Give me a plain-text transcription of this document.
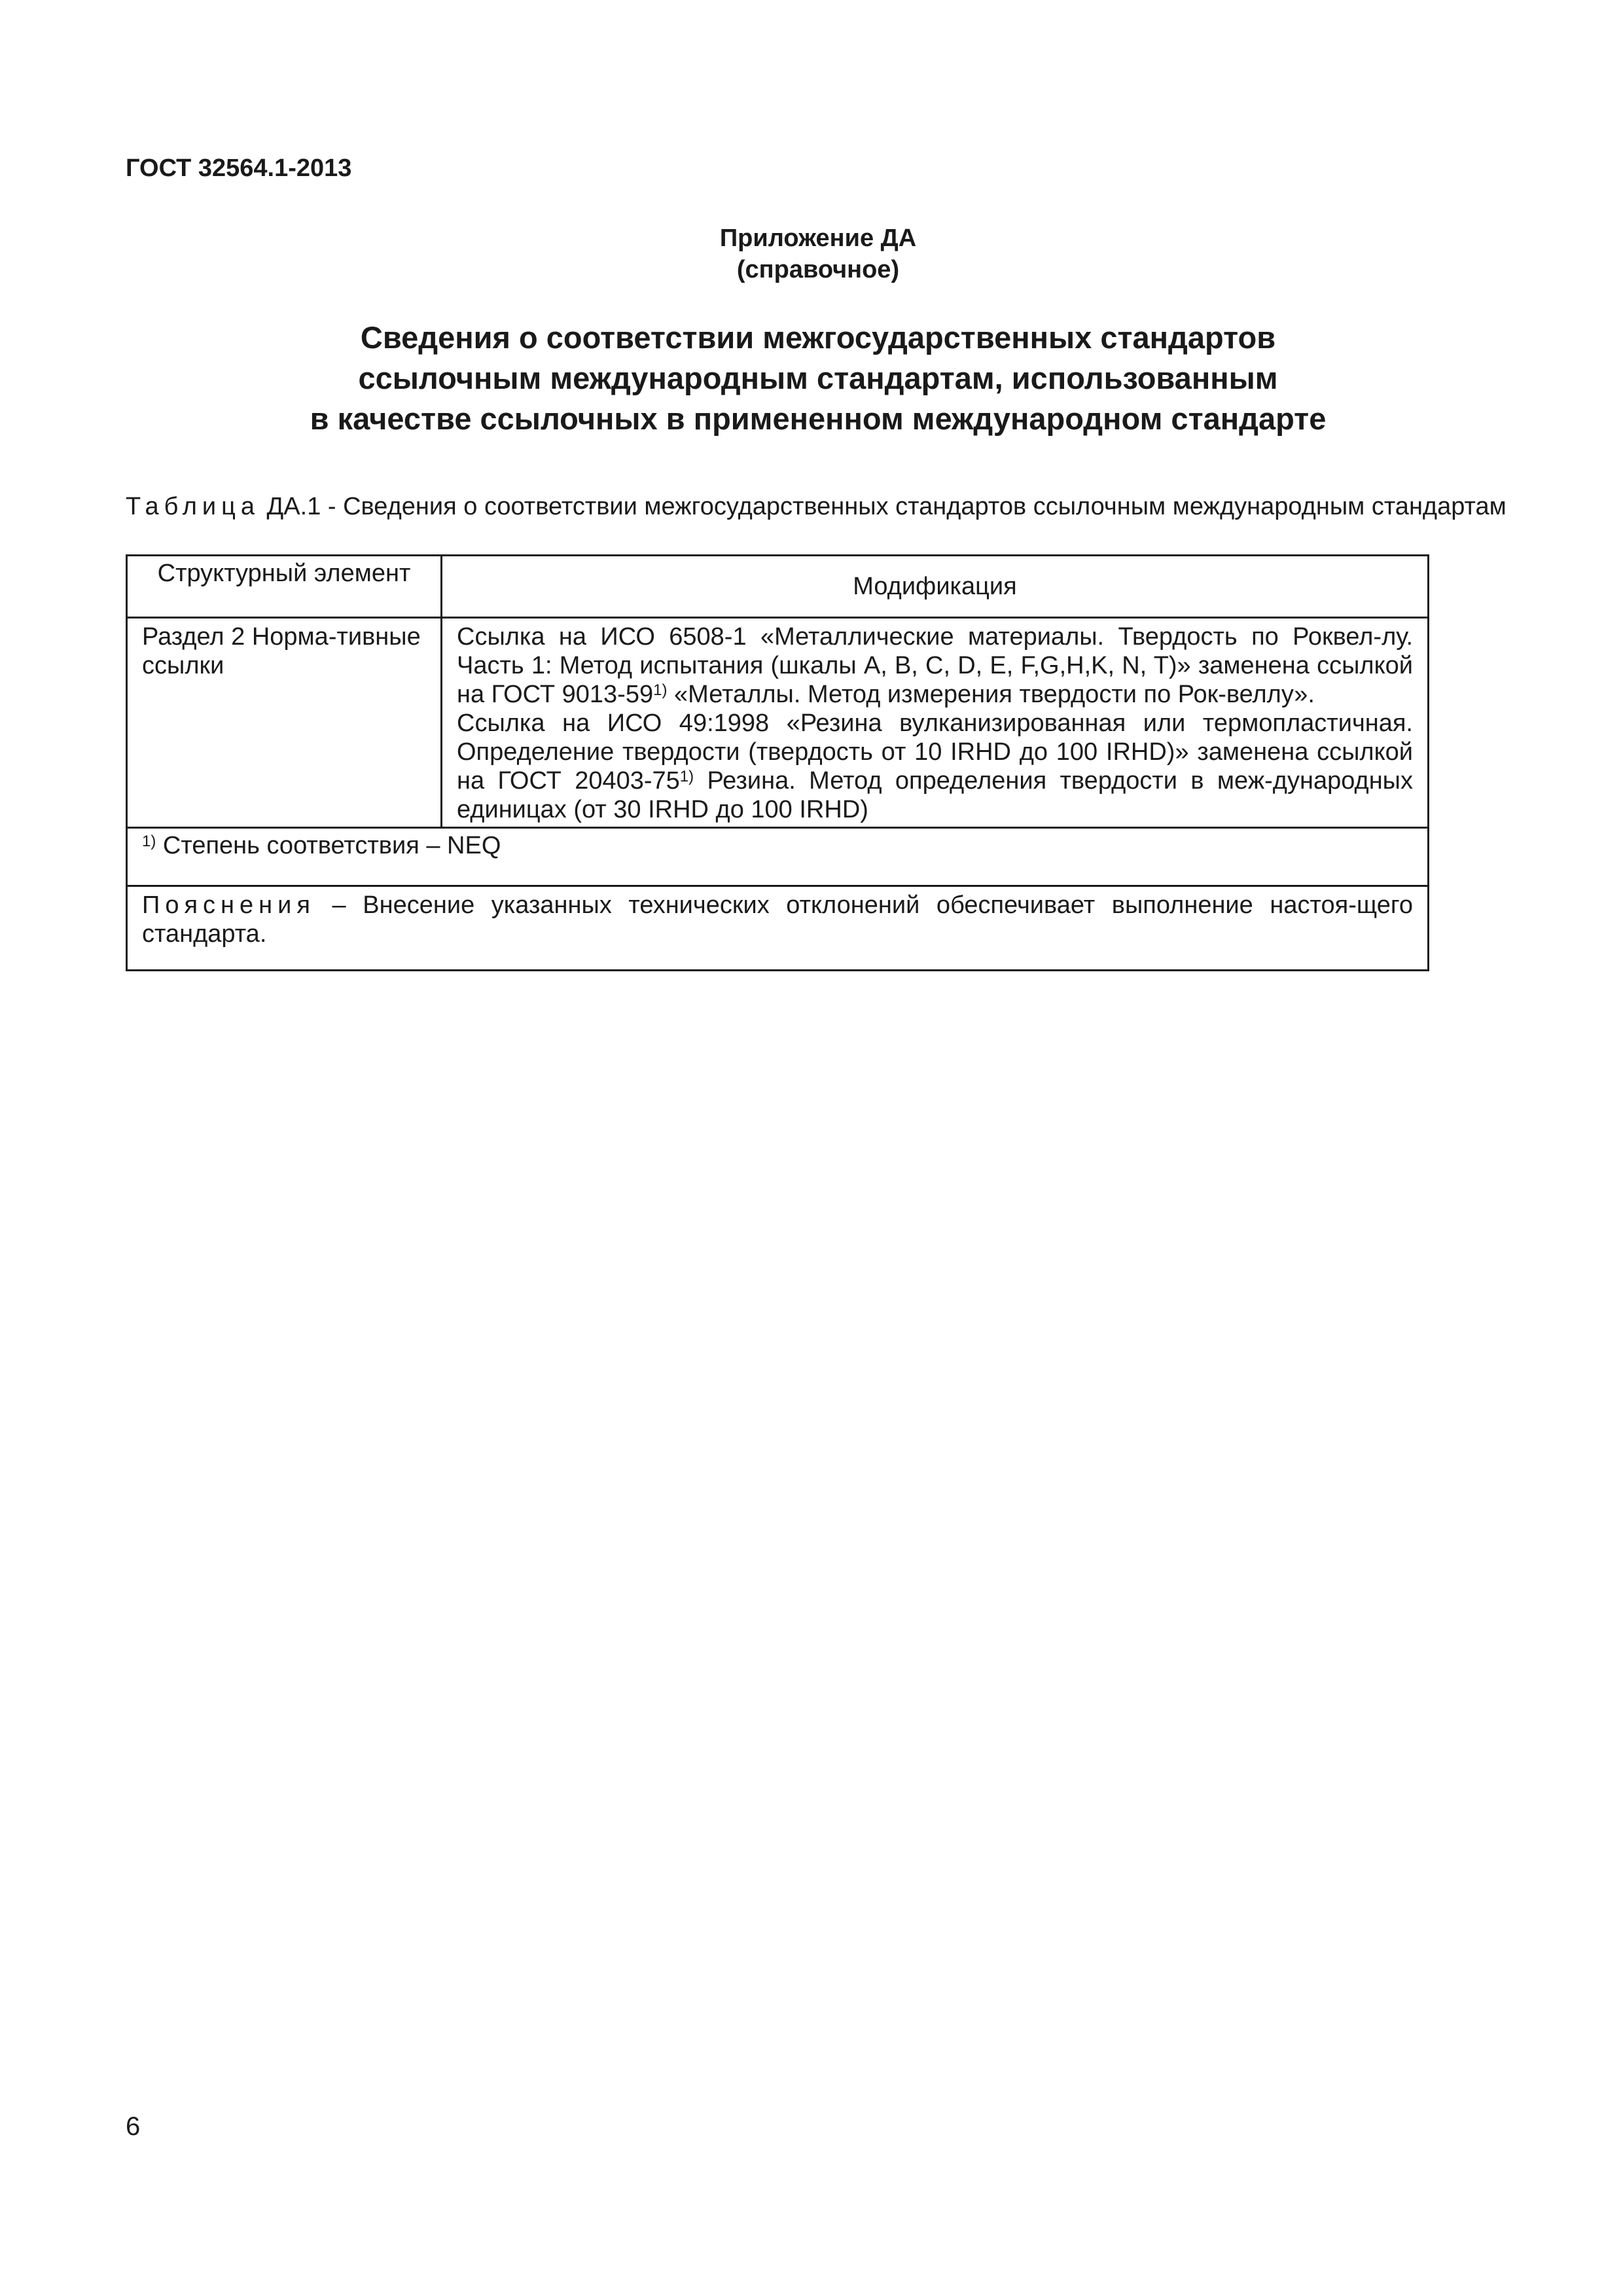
ГОСТ 32564.1-2013
Приложение ДА
(справочное)
Сведения о соответствии межгосударственных стандартов
ссылочным международным стандартам, использованным
в качестве ссылочных в примененном международном стандарте
Таблица ДА.1 - Сведения о соответствии межгосударственных стандартов ссылочным международным стандартам
Структурный элемент	Модификация
Раздел 2 Норма-тивные ссылки	Ссылка на ИСО 6508-1 «Металлические материалы. Твердость по Роквел-лу. Часть 1: Метод испытания (шкалы A, B, C, D, E, F,G,H,K, N, T)» заменена ссылкой на ГОСТ 9013-59$^{1)}$ «Металлы. Метод измерения твердости по Рок-веллу».

Ссылка на ИСО 49:1998 «Резина вулканизированная или термопластичная. Определение твердости (твердость от 10 IRHD до 100 IRHD)» заменена ссылкой на ГОСТ 20403-75$^{1)}$ Резина. Метод определения твердости в меж-дународных единицах (от 30 IRHD до 100 IRHD)

$^{1)}$ Степень соответствия – NEQ	
Пояснения – Внесение указанных технических отклонений обеспечивает выполнение настоя-щего стандарта.	
6
